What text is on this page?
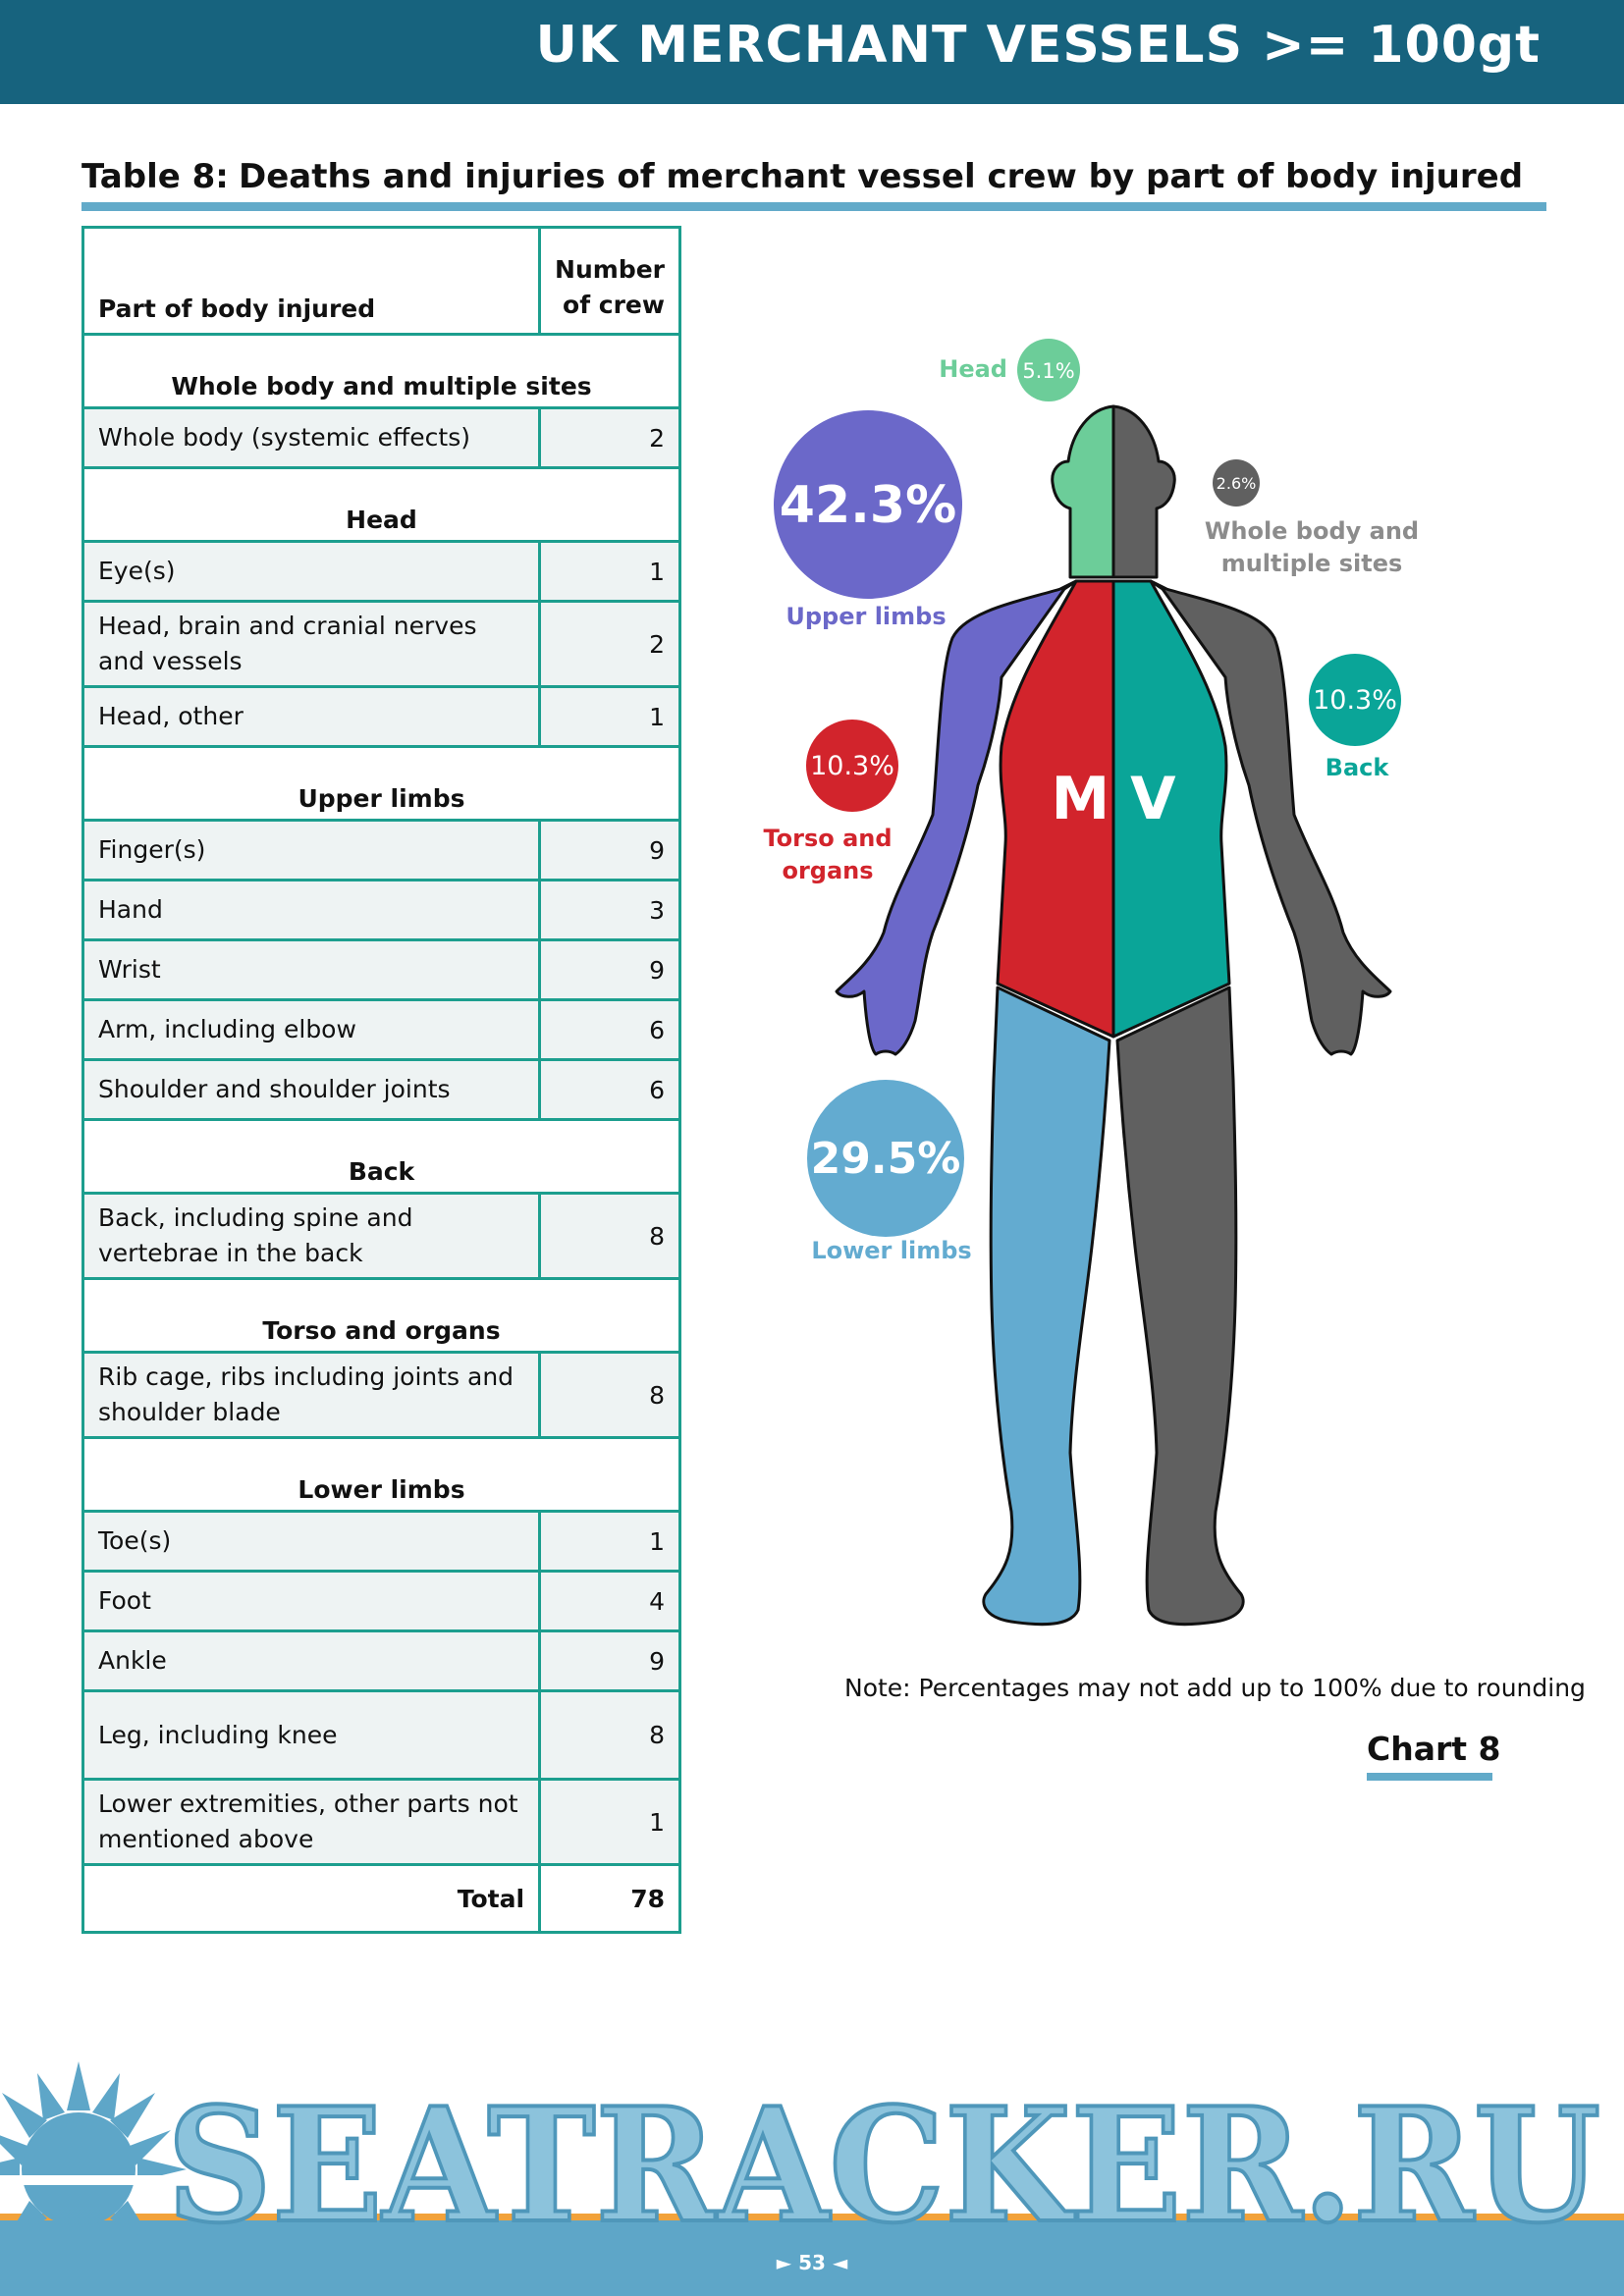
UK MERCHANT VESSELS >= 100gt
Table 8: Deaths and injuries of merchant vessel crew by part of body injured
Part of body injured	Number
of crew
Whole body and multiple sites	
Whole body (systemic effects)	2
Head	
Eye(s)	1
Head, brain and cranial nerves and vessels	2
Head, other	1
Upper limbs	
Finger(s)	9
Hand	3
Wrist	9
Arm, including elbow	6
Shoulder and shoulder joints	6
Back	
Back, including spine and vertebrae in the back	8
Torso and organs	
Rib cage, ribs including joints and shoulder blade	8
Lower limbs	
Toe(s)	1
Foot	4
Ankle	9
Leg, including knee	8
Lower extremities, other parts not mentioned above	1
Total	78
M V
Head 5.1%
42.3%
Upper limbs
2.6%
Whole body and
multiple sites
10.3%
Back
10.3%
Torso and
organs
29.5%
Lower limbs
Note: Percentages may not add up to 100% due to rounding
Chart 8
SEATRACKER.RU
► 53 ◄
